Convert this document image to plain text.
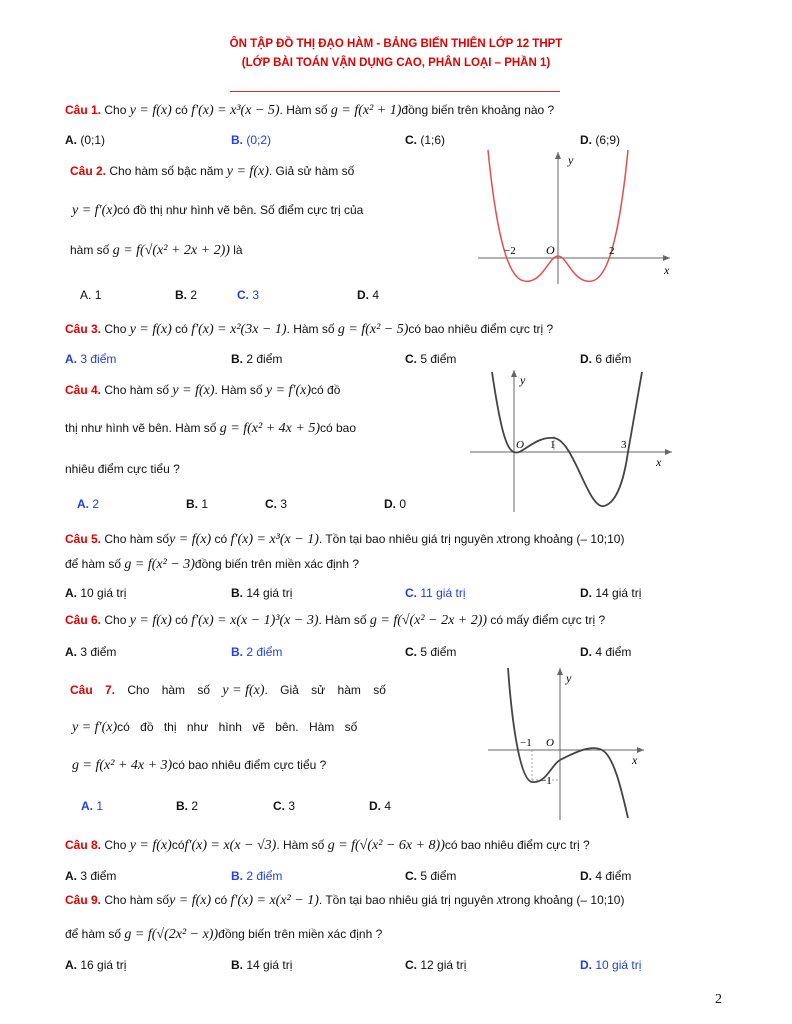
ÔN TẬP ĐỒ THỊ ĐẠO HÀM - BẢNG BIẾN THIÊN LỚP 12 THPT
(LỚP BÀI TOÁN VẬN DỤNG CAO, PHÂN LOẠI – PHẦN 1)
Câu 1. Cho y = f(x) có f′(x) = x³(x − 5). Hàm số g = f(x² + 1)đồng biến trên khoảng nào ?
A. (0;1)	B. (0;2)	C. (1;6)	D. (6;9)
Câu 2. Cho hàm số bậc năm y = f(x). Giả sử hàm số
y = f′(x)có đồ thị như hình vẽ bên. Số điểm cực trị của
hàm số g = f(√(x² + 2x + 2)) là
A. 1	B. 2	C. 3	D. 4
y
x
O
−2	2
Câu 3. Cho y = f(x) có f′(x) = x²(3x − 1). Hàm số g = f(x² − 5)có bao nhiêu điểm cực trị ?
A. 3 điểm	B. 2 điểm	C. 5 điểm	D. 6 điểm
Câu 4. Cho hàm số y = f(x). Hàm số y = f′(x)có đồ
thị như hình vẽ bên. Hàm số g = f(x² + 4x + 5)có bao
nhiêu điểm cực tiểu ?
A. 2	B. 1	C. 3	D. 0
y
x
O 1	3
Câu 5. Cho hàm sốy = f(x) có f′(x) = x³(x − 1). Tồn tại bao nhiêu giá trị nguyên xtrong khoảng (– 10;10)
để hàm số g = f(x² − 3)đồng biến trên miền xác định ?
A. 10 giá trị	B. 14 giá trị	C. 11 giá trị	D. 14 giá trị
Câu 6. Cho y = f(x) có f′(x) = x(x − 1)³(x − 3). Hàm số g = f(√(x² − 2x + 2)) có mấy điểm cực trị ?
A. 3 điểm	B. 2 điểm	C. 5 điểm	D. 4 điểm
Câu 7. Cho hàm số y = f(x). Giả sử hàm số
y = f′(x)có đồ thị như hình vẽ bên. Hàm số
g = f(x² + 4x + 3)có bao nhiêu điểm cực tiểu ?
A. 1	B. 2	C. 3	D. 4
y
x
O
−1
−1
Câu 8. Cho y = f(x)cóf′(x) = x(x − √3). Hàm số g = f(√(x² − 6x + 8))có bao nhiêu điểm cực trị ?
A. 3 điểm	B. 2 điểm	C. 5 điểm	D. 4 điểm
Câu 9. Cho hàm sốy = f(x) có f′(x) = x(x² − 1). Tồn tại bao nhiêu giá trị nguyên xtrong khoảng (– 10;10)
để hàm số g = f(√(2x² − x))đồng biến trên miền xác định ?
A. 16 giá trị	B. 14 giá trị	C. 12 giá trị	D. 10 giá trị
2
